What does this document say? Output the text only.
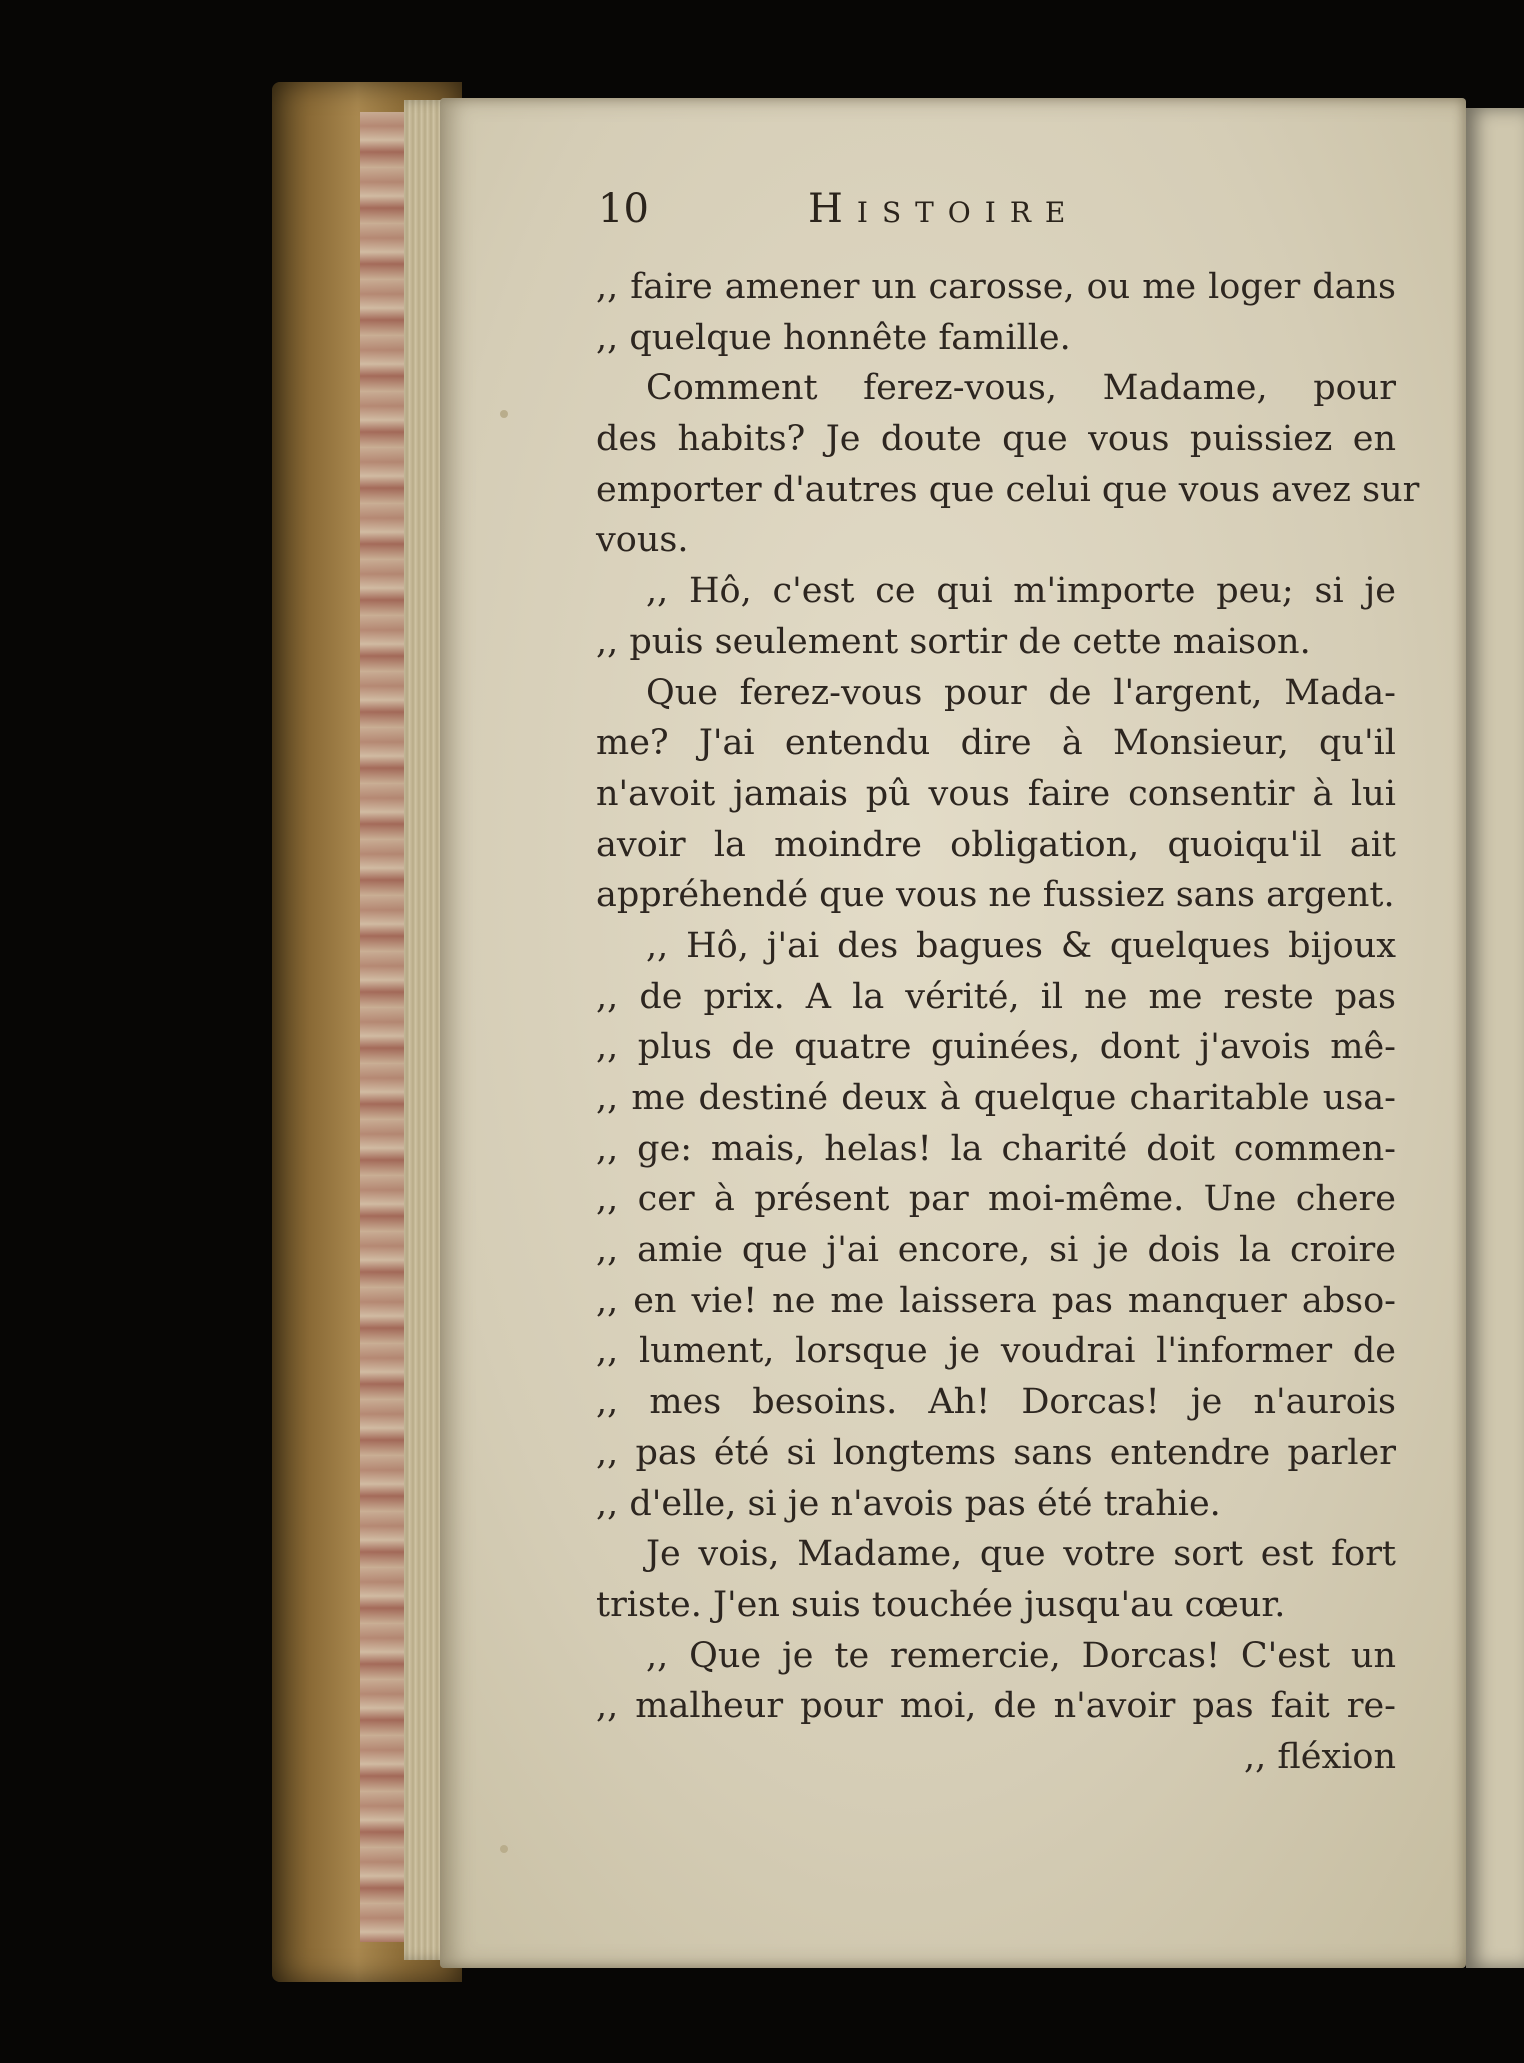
10	Histoire
,, faire amener un carosse, ou me loger dans
,, quelque honnête famille.
Comment ferez-vous, Madame, pour
des habits? Je doute que vous puissiez en
emporter d'autres que celui que vous avez sur
vous.
,, Hô, c'est ce qui m'importe peu; si je
,, puis seulement sortir de cette maison.
Que ferez-vous pour de l'argent, Mada-
me? J'ai entendu dire à Monsieur, qu'il
n'avoit jamais pû vous faire consentir à lui
avoir la moindre obligation, quoiqu'il ait
appréhendé que vous ne fussiez sans argent.
,, Hô, j'ai des bagues & quelques bijoux
,, de prix. A la vérité, il ne me reste pas
,, plus de quatre guinées, dont j'avois mê-
,, me destiné deux à quelque charitable usa-
,, ge: mais, helas! la charité doit commen-
,, cer à présent par moi-même. Une chere
,, amie que j'ai encore, si je dois la croire
,, en vie! ne me laissera pas manquer abso-
,, lument, lorsque je voudrai l'informer de
,, mes besoins. Ah! Dorcas! je n'aurois
,, pas été si longtems sans entendre parler
,, d'elle, si je n'avois pas été trahie.
Je vois, Madame, que votre sort est fort
triste. J'en suis touchée jusqu'au cœur.
,, Que je te remercie, Dorcas! C'est un
,, malheur pour moi, de n'avoir pas fait re-
,, fléxion
